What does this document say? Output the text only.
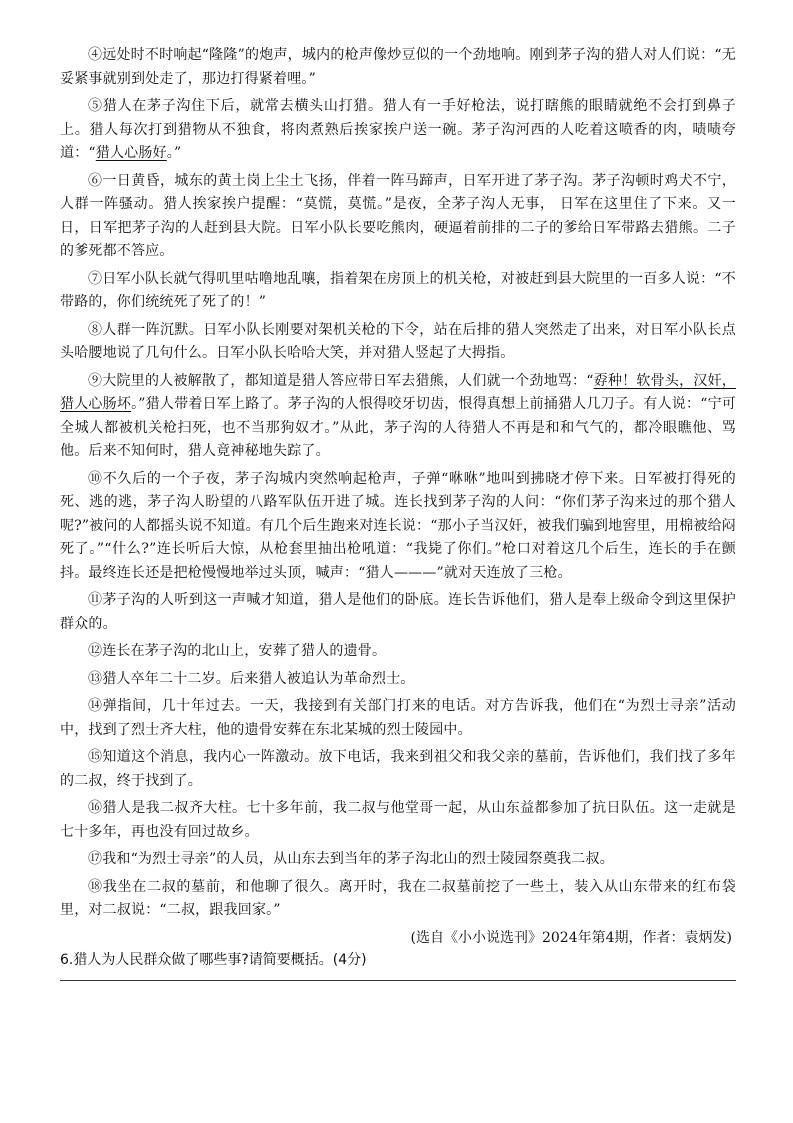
④远处时不时响起“隆隆”的炮声，城内的枪声像炒豆似的一个劲地响。刚到茅子沟的猎人对人们说：“无妥紧事就别到处走了，那边打得紧着哩。”

⑤猎人在茅子沟住下后，就常去横头山打猎。猎人有一手好枪法，说打瞎熊的眼睛就绝不会打到鼻子上。猎人每次打到猎物从不独食，将肉煮熟后挨家挨户送一碗。茅子沟河西的人吃着这喷香的肉，啧啧夸道：“猎人心肠好。”

⑥一日黄昏，城东的黄土岗上尘土飞扬，伴着一阵马蹄声，日军开进了茅子沟。茅子沟顿时鸡犬不宁，人群一阵骚动。猎人挨家挨户提醒：“莫慌，莫慌。”是夜，全茅子沟人无事， 日军在这里住了下来。又一日，日军把茅子沟的人赶到县大院。日军小队长要吃熊肉，硬逼着前排的二子的爹给日军带路去猎熊。二子的爹死都不答应。

⑦日军小队长就气得叽里咕噜地乱嚷，指着架在房顶上的机关枪，对被赶到县大院里的一百多人说：“不带路的，你们统统死了死了的！”

⑧人群一阵沉默。日军小队长刚要对架机关枪的下令，站在后排的猎人突然走了出来，对日军小队长点头哈腰地说了几句什么。日军小队长哈哈大笑，并对猎人竖起了大拇指。

⑨大院里的人被解散了，都知道是猎人答应带日军去猎熊，人们就一个劲地骂：“孬种！软骨头，汉奸，猎人心肠坏。”猎人带着日军上路了。茅子沟的人恨得咬牙切齿，恨得真想上前捅猎人几刀子。有人说：“宁可全城人都被机关枪扫死，也不当那狗奴才。”从此，茅子沟的人待猎人不再是和和气气的，都冷眼瞧他、骂他。后来不知何时，猎人竟神秘地失踪了。

⑩不久后的一个子夜，茅子沟城内突然响起枪声，子弹“咻咻”地叫到拂晓才停下来。日军被打得死的死、逃的逃，茅子沟人盼望的八路军队伍开进了城。连长找到茅子沟的人问：“你们茅子沟来过的那个猎人呢?”被问的人都摇头说不知道。有几个后生跑来对连长说：“那小子当汉奸，被我们骗到地窖里，用棉被给闷死了。”“什么?”连长听后大惊，从枪套里抽出枪吼道：“我毙了你们。”枪口对着这几个后生，连长的手在颤抖。最终连长还是把枪慢慢地举过头顶，喊声：“猎人———”就对天连放了三枪。

⑪茅子沟的人听到这一声喊才知道，猎人是他们的卧底。连长告诉他们，猎人是奉上级命令到这里保护群众的。

⑫连长在茅子沟的北山上，安葬了猎人的遗骨。

⑬猎人卒年二十二岁。后来猎人被追认为革命烈士。

⑭弹指间，几十年过去。一天，我接到有关部门打来的电话。对方告诉我，他们在“为烈士寻亲”活动中，找到了烈士齐大柱，他的遗骨安葬在东北某城的烈士陵园中。

⑮知道这个消息，我内心一阵激动。放下电话，我来到祖父和我父亲的墓前，告诉他们，我们找了多年的二叔，终于找到了。

⑯猎人是我二叔齐大柱。七十多年前，我二叔与他堂哥一起，从山东益都参加了抗日队伍。这一走就是七十多年，再也没有回过故乡。

⑰我和“为烈士寻亲”的人员，从山东去到当年的茅子沟北山的烈士陵园祭奠我二叔。

⑱我坐在二叔的墓前，和他聊了很久。离开时，我在二叔墓前挖了一些土，装入从山东带来的红布袋里，对二叔说：“二叔，跟我回家。”

(选自《小小说选刊》2024年第4期，作者：袁炳发)

6.猎人为人民群众做了哪些事?请简要概括。(4分)
